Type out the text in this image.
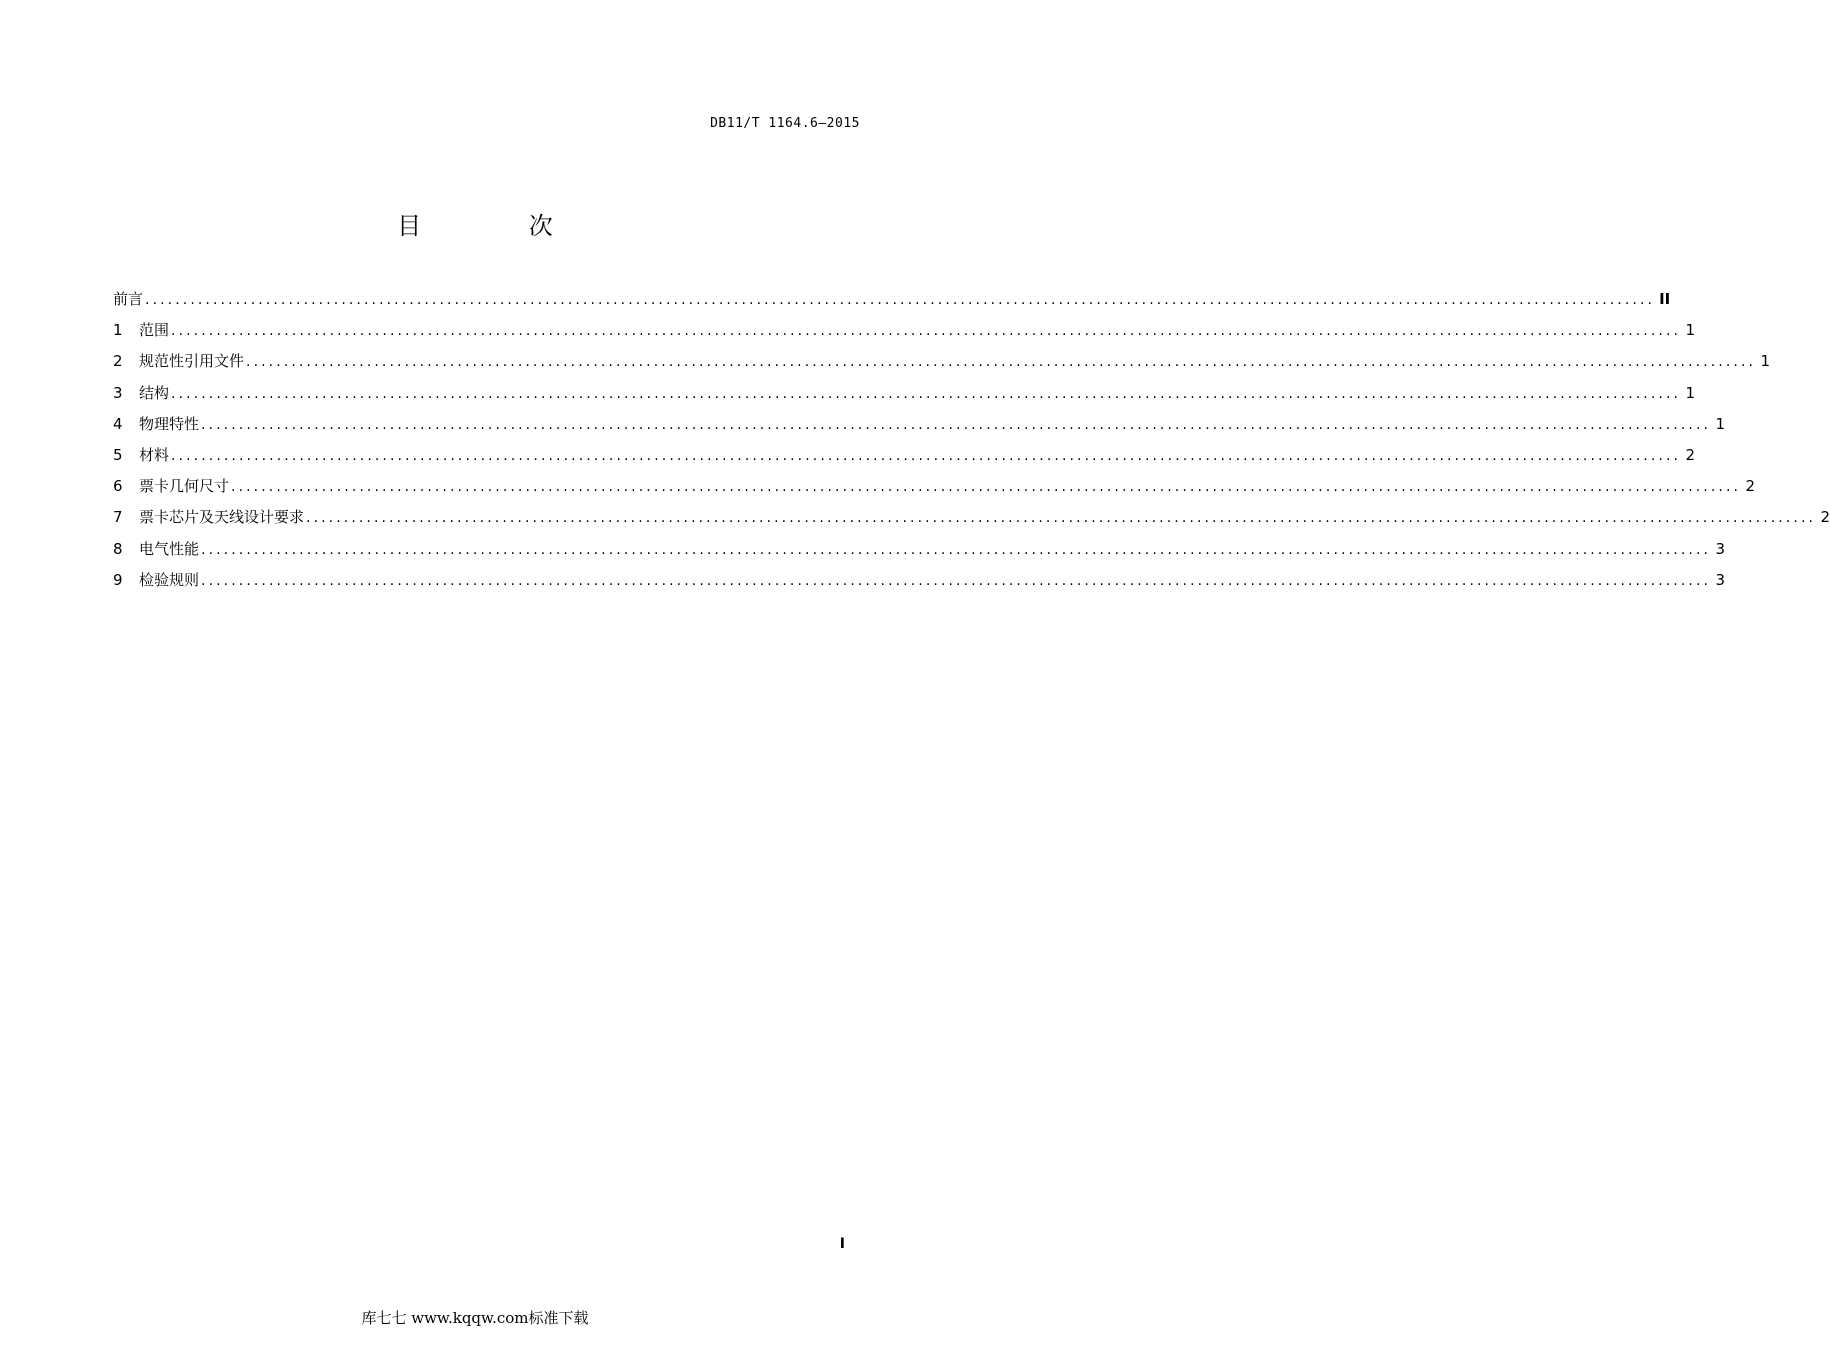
DB11/T 1164.6—2015
目 次
前言 ........................................................................................................................................................................................................ II
1	范围 ........................................................................................................................................................................................................ 1
2	规范性引用文件 ........................................................................................................................................................................................................ 1
3	结构 ........................................................................................................................................................................................................ 1
4	物理特性 ........................................................................................................................................................................................................ 1
5	材料 ........................................................................................................................................................................................................ 2
6	票卡几何尺寸 ........................................................................................................................................................................................................ 2
7	票卡芯片及天线设计要求 ........................................................................................................................................................................................................ 2
8	电气性能 ........................................................................................................................................................................................................ 3
9	检验规则 ........................................................................................................................................................................................................ 3
I
库七七 www.kqqw.com标准下载
